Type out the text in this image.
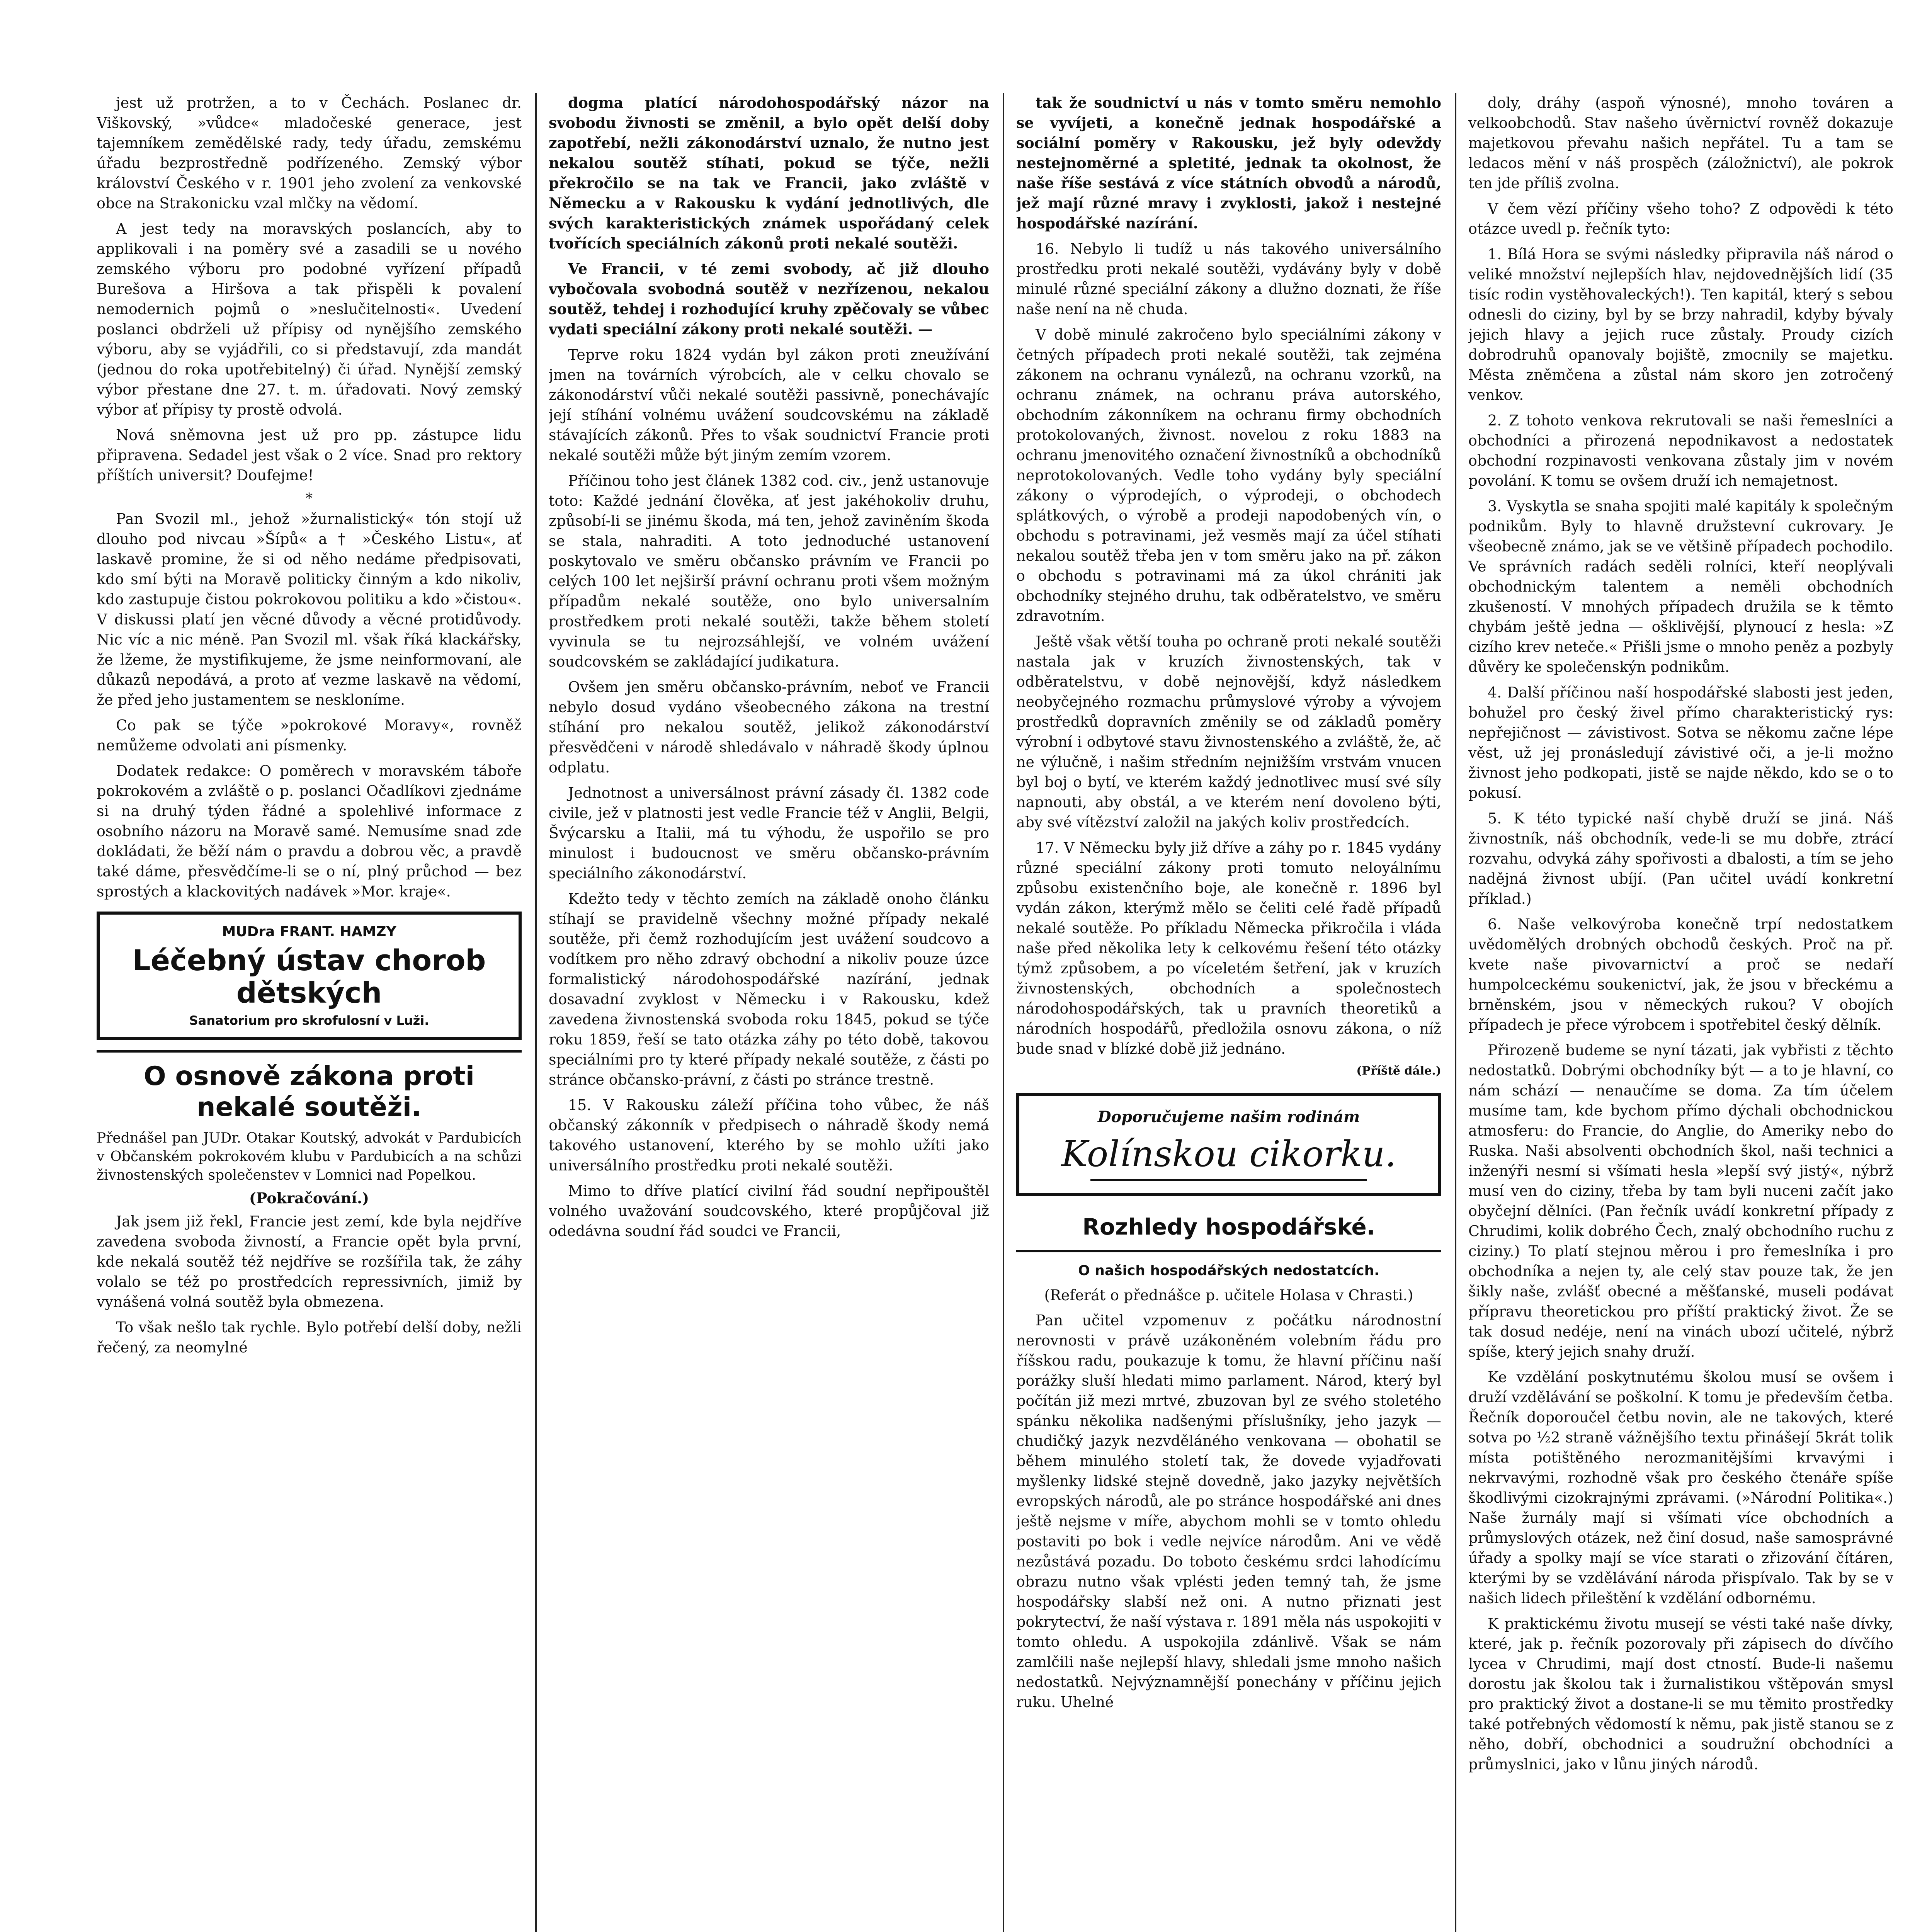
jest už protržen, a to v Čechách. Poslanec dr. Viškovský, »vůdce« mladočeské generace, jest tajemníkem zemědělské rady, tedy úřadu, zemskému úřadu bezprostředně podřízeného. Zemský výbor království Českého v r. 1901 jeho zvolení za venkovské obce na Strakonicku vzal mlčky na vědomí.

A jest tedy na moravských poslancích, aby to applikovali i na poměry své a zasadili se u nového zemského výboru pro podobné vyřízení případů Burešova a Hiršova a tak přispěli k povalení nemodernich pojmů o »neslučitelnosti«. Uvedení poslanci obdrželi už přípisy od nynějšího zemského výboru, aby se vyjádřili, co si představují, zda mandát (jednou do roka upotřebitelný) či úřad. Nynější zemský výbor přestane dne 27. t. m. úřadovati. Nový zemský výbor ať přípisy ty prostě odvolá.

Nová sněmovna jest už pro pp. zástupce lidu připravena. Sedadel jest však o 2 více. Snad pro rektory příštích universit? Doufejme!

*

Pan Svozil ml., jehož »žurnalistický« tón stojí už dlouho pod nivcau »Šípů« a † »Českého Listu«, ať laskavě promine, že si od něho nedáme předpisovati, kdo smí býti na Moravě politicky činným a kdo nikoliv, kdo zastupuje čistou pokrokovou politiku a kdo »čistou«. V diskussi platí jen věcné důvody a věcné protidůvody. Nic víc a nic méně. Pan Svozil ml. však říká klackářsky, že lžeme, že mystifikujeme, že jsme neinformovaní, ale důkazů nepodává, a proto ať vezme laskavě na vědomí, že před jeho justamentem se neskloníme.

Co pak se týče »pokrokové Moravy«, rovněž nemůžeme odvolati ani písmenky.

Dodatek redakce: O poměrech v moravském táboře pokrokovém a zvláště o p. poslanci Očadlíkovi zjednáme si na druhý týden řádné a spolehlivé informace z osobního názoru na Moravě samé. Nemusíme snad zde dokládati, že běží nám o pravdu a dobrou věc, a pravdě také dáme, přesvědčíme-li se o ní, plný průchod — bez sprostých a klackovitých nadávek »Mor. kraje«.

MUDra FRANT. HAMZY
Léčebný ústav chorob dětských
Sanatorium pro skrofulosní v Luži.
O osnově zákona proti nekalé soutěži.
Přednášel pan JUDr. Otakar Koutský, advokát v Pardubicích v Občanském pokrokovém klubu v Pardubicích a na schůzi živnostenských společenstev v Lomnici nad Popelkou.
(Pokračování.)

Jak jsem již řekl, Francie jest zemí, kde byla nejdříve zavedena svoboda živností, a Francie opět byla první, kde nekalá soutěž též nejdříve se rozšířila tak, že záhy volalo se též po prostředcích repressivních, jimiž by vynášená volná soutěž byla obmezena.

To však nešlo tak rychle. Bylo potřebí delší doby, nežli řečený, za neomylné

dogma platící národohospodářský názor na svobodu živnosti se změnil, a bylo opět delší doby zapotřebí, nežli zákonodárství uznalo, že nutno jest nekalou soutěž stíhati, pokud se týče, nežli překročilo se na tak ve Francii, jako zvláště v Německu a v Rakousku k vydání jednotlivých, dle svých karakteristických známek uspořádaný celek tvořících speciálních zákonů proti nekalé soutěži.

Ve Francii, v té zemi svobody, ač již dlouho vybočovala svobodná soutěž v nezřízenou, nekalou soutěž, tehdej i rozhodující kruhy zpěčovaly se vůbec vydati speciální zákony proti nekalé soutěži. —

Teprve roku 1824 vydán byl zákon proti zneužívání jmen na továrních výrobcích, ale v celku chovalo se zákonodárství vůči nekalé soutěži passivně, ponechávajíc její stíhání volnému uvážení soudcovskému na základě stávajících zákonů. Přes to však soudnictví Francie proti nekalé soutěži může být jiným zemím vzorem.

Příčinou toho jest článek 1382 cod. civ., jenž ustanovuje toto: Každé jednání člověka, ať jest jakéhokoliv druhu, způsobí-li se jinému škoda, má ten, jehož zaviněním škoda se stala, nahraditi. A toto jednoduché ustanovení poskytovalo ve směru občansko právním ve Francii po celých 100 let nejširší právní ochranu proti všem možným případům nekalé soutěže, ono bylo universalním prostředkem proti nekalé soutěži, takže během století vyvinula se tu nejrozsáhlejší, ve volném uvážení soudcovském se zakládající judikatura.

Ovšem jen směru občansko-právním, neboť ve Francii nebylo dosud vydáno všeobecného zákona na trestní stíhání pro nekalou soutěž, jelikož zákonodárství přesvědčeni v národě shledávalo v náhradě škody úplnou odplatu.

Jednotnost a universálnost právní zásady čl. 1382 code civile, jež v platnosti jest vedle Francie též v Anglii, Belgii, Švýcarsku a Italii, má tu výhodu, že uspořilo se pro minulost i budoucnost ve směru občansko-právním speciálního zákonodárství.

Kdežto tedy v těchto zemích na základě onoho článku stíhají se pravidelně všechny možné případy nekalé soutěže, při čemž rozhodujícím jest uvážení soudcovo a vodítkem pro něho zdravý obchodní a nikoliv pouze úzce formalistický národohospodářské nazírání, jednak dosavadní zvyklost v Německu i v Rakousku, kdež zavedena živnostenská svoboda roku 1845, pokud se týče roku 1859, řeší se tato otázka záhy po této době, takovou speciálními pro ty které případy nekalé soutěže, z části po stránce občansko-právní, z části po stránce trestně.

15. V Rakousku záleží příčina toho vůbec, že náš občanský zákonník v předpisech o náhradě škody nemá takového ustanovení, kterého by se mohlo užíti jako universálního prostředku proti nekalé soutěži.

Mimo to dříve platící civilní řád soudní nepřipouštěl volného uvažování soudcovského, které propůjčoval již odedávna soudní řád soudci ve Francii,

tak že soudnictví u nás v tomto směru nemohlo se vyvíjeti, a konečně jednak hospodářské a sociální poměry v Rakousku, jež byly odevždy nestejnoměrné a spletité, jednak ta okolnost, že naše říše sestává z více státních obvodů a národů, jež mají různé mravy i zvyklosti, jakož i nestejné hospodářské nazírání.

16. Nebylo li tudíž u nás takového universálního prostředku proti nekalé soutěži, vydávány byly v době minulé různé speciální zákony a dlužno doznati, že říše naše není na ně chuda.

V době minulé zakročeno bylo speciálními zákony v četných případech proti nekalé soutěži, tak zejména zákonem na ochranu vynálezů, na ochranu vzorků, na ochranu známek, na ochranu práva autorského, obchodním zákonníkem na ochranu firmy obchodních protokolovaných, živnost. novelou z roku 1883 na ochranu jmenovitého označení živnostníků a obchodníků neprotokolovaných. Vedle toho vydány byly speciální zákony o výprodejích, o výprodeji, o obchodech splátkových, o výrobě a prodeji napodobených vín, o obchodu s potravinami, jež vesměs mají za účel stíhati nekalou soutěž třeba jen v tom směru jako na př. zákon o obchodu s potravinami má za úkol chrániti jak obchodníky stejného druhu, tak odběratelstvo, ve směru zdravotním.

Ještě však větší touha po ochraně proti nekalé soutěži nastala jak v kruzích živnostenských, tak v odběratelstvu, v době nejnovější, když následkem neobyčejného rozmachu průmyslové výroby a vývojem prostředků dopravních změnily se od základů poměry výrobní i odbytové stavu živnostenského a zvláště, že, ač ne výlučně, i našim středním nejnižším vrstvám vnucen byl boj o bytí, ve kterém každý jednotlivec musí své síly napnouti, aby obstál, a ve kterém není dovoleno býti, aby své vítězství založil na jakých koliv prostředcích.

17. V Německu byly již dříve a záhy po r. 1845 vydány různé speciální zákony proti tomuto neloyálnímu způsobu existenčního boje, ale konečně r. 1896 byl vydán zákon, kterýmž mělo se čeliti celé řadě případů nekalé soutěže. Po příkladu Německa přikročila i vláda naše před několika lety k celkovému řešení této otázky týmž způsobem, a po víceletém šetření, jak v kruzích živnostenských, obchodních a společnostech národohospodářských, tak u pravních theoretiků a národních hospodářů, předložila osnovu zákona, o níž bude snad v blízké době již jednáno.

(Příště dále.)
Doporučujeme našim rodinám
Kolínskou cikorku.
Rozhledy hospodářské.
O našich hospodářských nedostatcích.
(Referát o přednášce p. učitele Holasa v Chrasti.)

Pan učitel vzpomenuv z počátku národnostní nerovnosti v právě uzákoněném volebním řádu pro říšskou radu, poukazuje k tomu, že hlavní příčinu naší porážky sluší hledati mimo parlament. Národ, který byl počítán již mezi mrtvé, zbuzovan byl ze svého stoletého spánku několika nadšenými příslušníky, jeho jazyk — chudičký jazyk nezvděláného venkovana — obohatil se během minulého století tak, že dovede vyjadřovati myšlenky lidské stejně dovedně, jako jazyky největších evropských národů, ale po stránce hospodářské ani dnes ještě nejsme v míře, abychom mohli se v tomto ohledu postaviti po bok i vedle nejvíce národům. Ani ve vědě nezůstává pozadu. Do toboto českému srdci lahodícímu obrazu nutno však vplésti jeden temný tah, že jsme hospodářsky slabší než oni. A nutno přiznati jest pokrytectví, že naší výstava r. 1891 měla nás uspokojiti v tomto ohledu. A uspokojila zdánlivě. Však se nám zamlčili naše nejlepší hlavy, shledali jsme mnoho našich nedostatků. Nejvýznamnější ponechány v příčinu jejich ruku. Uhelné

doly, dráhy (aspoň výnosné), mnoho továren a velkoobchodů. Stav našeho úvěrnictví rovněž dokazuje majetkovou převahu našich nepřátel. Tu a tam se ledacos mění v náš prospěch (záložnictví), ale pokrok ten jde příliš zvolna.

V čem vězí příčiny všeho toho? Z odpovědi k této otázce uvedl p. řečník tyto:

1. Bílá Hora se svými následky připravila náš národ o veliké množství nejlepších hlav, nejdovednějších lidí (35 tisíc rodin vystěhovaleckých!). Ten kapitál, který s sebou odnesli do ciziny, byl by se brzy nahradil, kdyby bývaly jejich hlavy a jejich ruce zůstaly. Proudy cizích dobrodruhů opanovaly bojiště, zmocnily se majetku. Města zněmčena a zůstal nám skoro jen zotročený venkov.

2. Z tohoto venkova rekrutovali se naši řemeslníci a obchodníci a přirozená nepodnikavost a nedostatek obchodní rozpinavosti venkovana zůstaly jim v novém povolání. K tomu se ovšem druží ich nemajetnost.

3. Vyskytla se snaha spojiti malé kapitály k společným podnikům. Byly to hlavně družstevní cukrovary. Je všeobecně známo, jak se ve většině případech pochodilo. Ve správních radách seděli rolníci, kteří neoplývali obchodnickým talentem a neměli obchodních zkušeností. V mnohých případech družila se k těmto chybám ještě jedna — ošklivější, plynoucí z hesla: »Z cizího krev neteče.« Přišli jsme o mnoho peněz a pozbyly důvěry ke společenskýn podnikům.

4. Další příčinou naší hospodářské slabosti jest jeden, bohužel pro český živel přímo charakteristický rys: nepřejičnost — závistivost. Sotva se někomu začne lépe věst, už jej pronásledují závistivé oči, a je-li možno živnost jeho podkopati, jistě se najde někdo, kdo se o to pokusí.

5. K této typické naší chybě druží se jiná. Náš živnostník, náš obchodník, vede-li se mu dobře, ztrácí rozvahu, odvyká záhy spořivosti a dbalosti, a tím se jeho nadějná živnost ubíjí. (Pan učitel uvádí konkretní příklad.)

6. Naše velkovýroba konečně trpí nedostatkem uvědomělých drobných obchodů českých. Proč na př. kvete naše pivovarnictví a proč se nedaří humpolceckému soukenictví, jak, že jsou v břeckému a brněnském, jsou v německých rukou? V obojích případech je přece výrobcem i spotřebitel český dělník.

Přirozeně budeme se nyní tázati, jak vybřisti z těchto nedostatků. Dobrými obchodníky být — a to je hlavní, co nám schází — nenaučíme se doma. Za tím účelem musíme tam, kde bychom přímo dýchali obchodnickou atmosferu: do Francie, do Anglie, do Ameriky nebo do Ruska. Naši absolventi obchodních škol, naši technici a inženýři nesmí si všímati hesla »lepší svý jistý«, nýbrž musí ven do ciziny, třeba by tam byli nuceni začít jako obyčejní dělníci. (Pan řečník uvádí konkretní případy z Chrudimi, kolik dobrého Čech, znalý obchodního ruchu z ciziny.) To platí stejnou měrou i pro řemeslníka i pro obchodníka a nejen ty, ale celý stav pouze tak, že jen šikly naše, zvlášť obecné a měšťanské, museli podávat přípravu theoretickou pro příští praktický život. Že se tak dosud nedéje, není na vinách ubozí učitelé, nýbrž spíše, který jejich snahy druží.

Ke vzdělání poskytnutému školou musí se ovšem i druží vzdělávání se poškolní. K tomu je především četba. Řečník doporoučel četbu novin, ale ne takových, které sotva po ½2 straně vážnějšího textu přinášejí 5krát tolik místa potištěného nerozmanitějšími krvavými i nekrvavými, rozhodně však pro českého čtenáře spíše škodlivými cizokrajnými zprávami. (»Národní Politika«.) Naše žurnály mají si všímati více obchodních a průmyslových otázek, než činí dosud, naše samosprávné úřady a spolky mají se více starati o zřizování čítáren, kterými by se vzdělávání národa přispívalo. Tak by se v našich lidech přileštění k vzdělání odbornému.

K praktickému životu musejí se vésti také naše dívky, které, jak p. řečník pozorovaly při zápisech do dívčího lycea v Chrudimi, mají dost ctností. Bude-li našemu dorostu jak školou tak i žurnalistikou vštěpován smysl pro praktický život a dostane-li se mu těmito prostředky také potřebných vědomostí k němu, pak jistě stanou se z něho, dobří, obchodnici a soudružní obchodníci a průmyslnici, jako v lůnu jiných národů.
